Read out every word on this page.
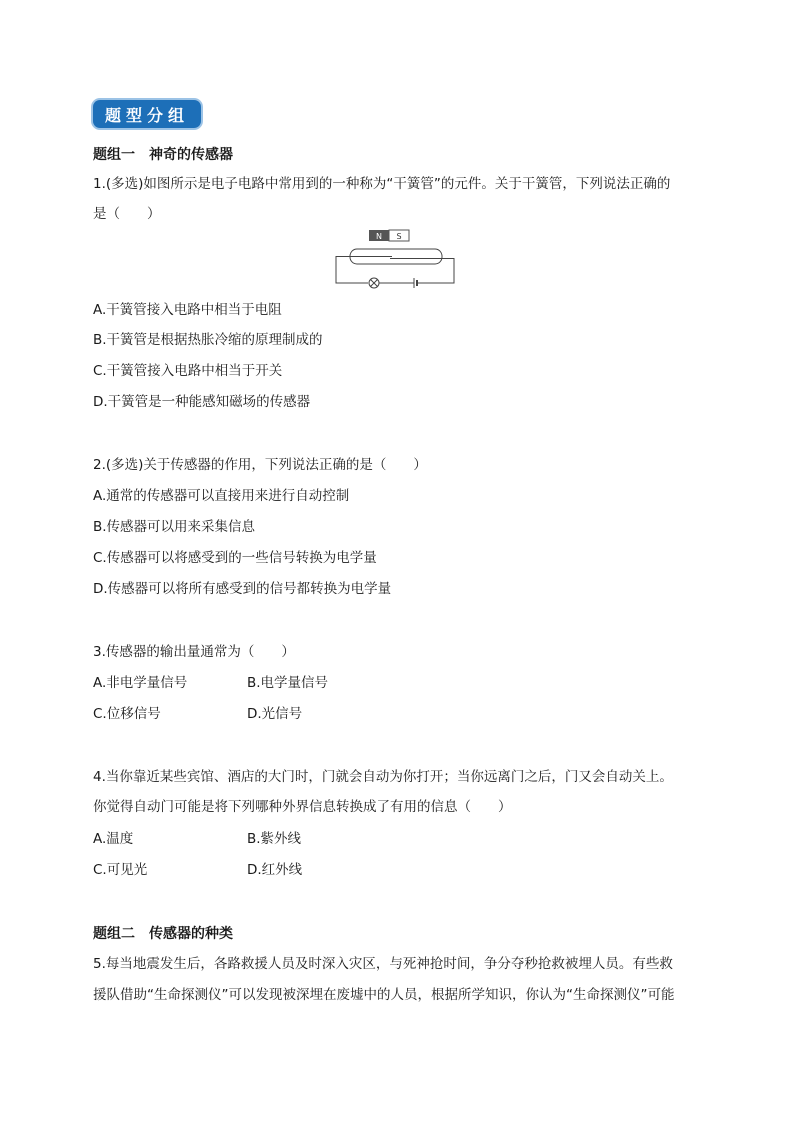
题型分组
题组一　神奇的传感器
1.(多选)如图所示是电子电路中常用到的一种称为“干簧管”的元件。关于干簧管，下列说法正确的
是（　　）
N S
A.干簧管接入电路中相当于电阻
B.干簧管是根据热胀冷缩的原理制成的
C.干簧管接入电路中相当于开关
D.干簧管是一种能感知磁场的传感器
2.(多选)关于传感器的作用，下列说法正确的是（　　）
A.通常的传感器可以直接用来进行自动控制
B.传感器可以用来采集信息
C.传感器可以将感受到的一些信号转换为电学量
D.传感器可以将所有感受到的信号都转换为电学量
3.传感器的输出量通常为（　　）
A.非电学量信号	B.电学量信号
C.位移信号	D.光信号
4.当你靠近某些宾馆、酒店的大门时，门就会自动为你打开；当你远离门之后，门又会自动关上。
你觉得自动门可能是将下列哪种外界信息转换成了有用的信息（　　）
A.温度	B.紫外线
C.可见光	D.红外线
题组二　传感器的种类
5.每当地震发生后，各路救援人员及时深入灾区，与死神抢时间，争分夺秒抢救被埋人员。有些救
援队借助“生命探测仪”可以发现被深埋在废墟中的人员，根据所学知识，你认为“生命探测仪”可能
